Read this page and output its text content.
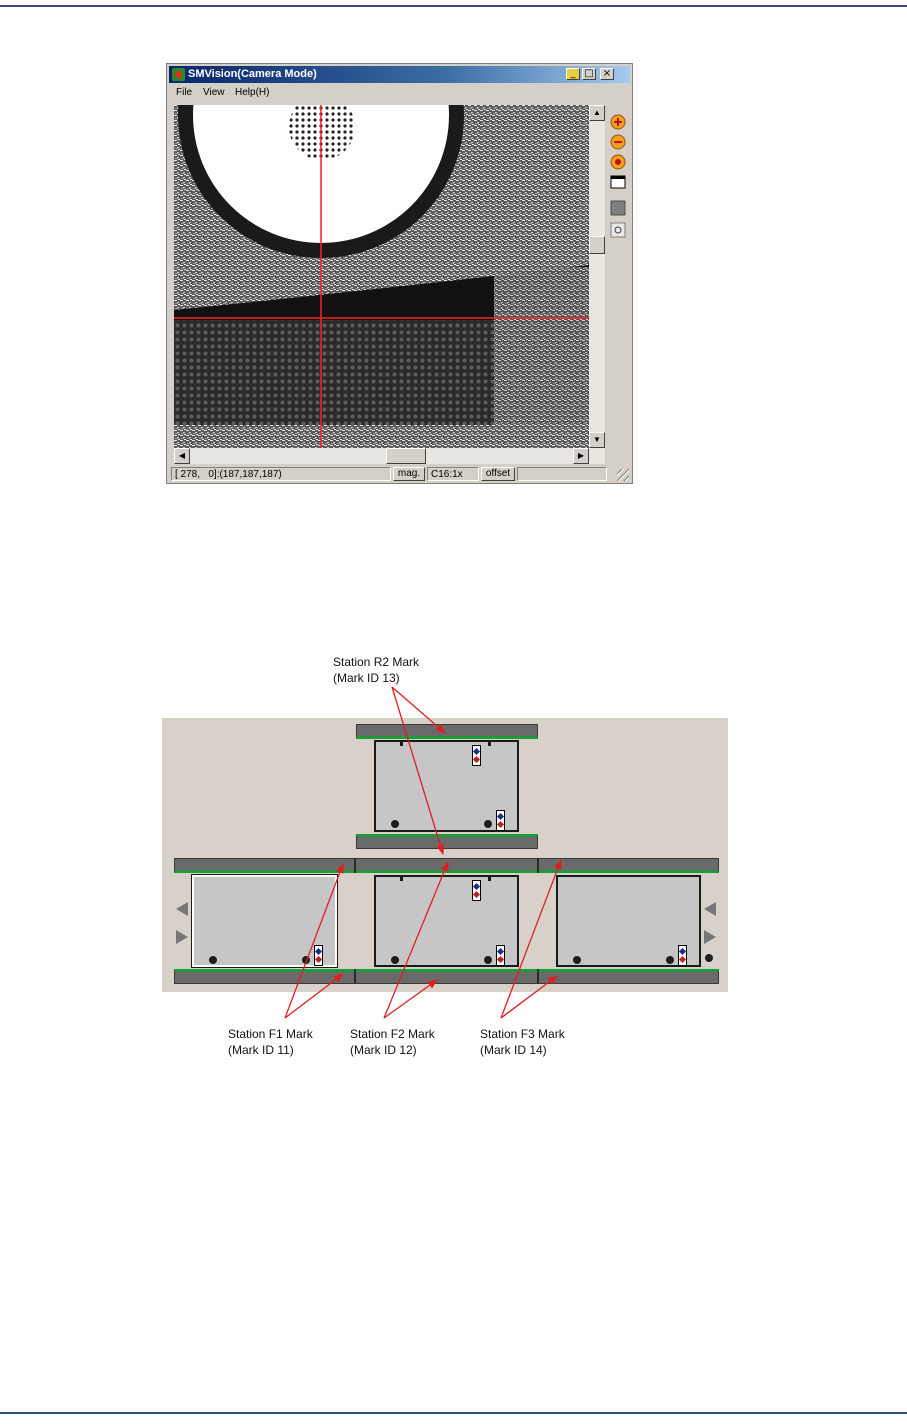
SMVision(Camera Mode)	_ □ ×
File View Help(H)
▲
▼
◀	▶
[ 278,   0]:(187,187,187)	mag.	C16:1x	offset
Station R2 Mark
(Mark ID 13)
Station F1 Mark
(Mark ID 11)
Station F2 Mark
(Mark ID 12)
Station F3 Mark
(Mark ID 14)
